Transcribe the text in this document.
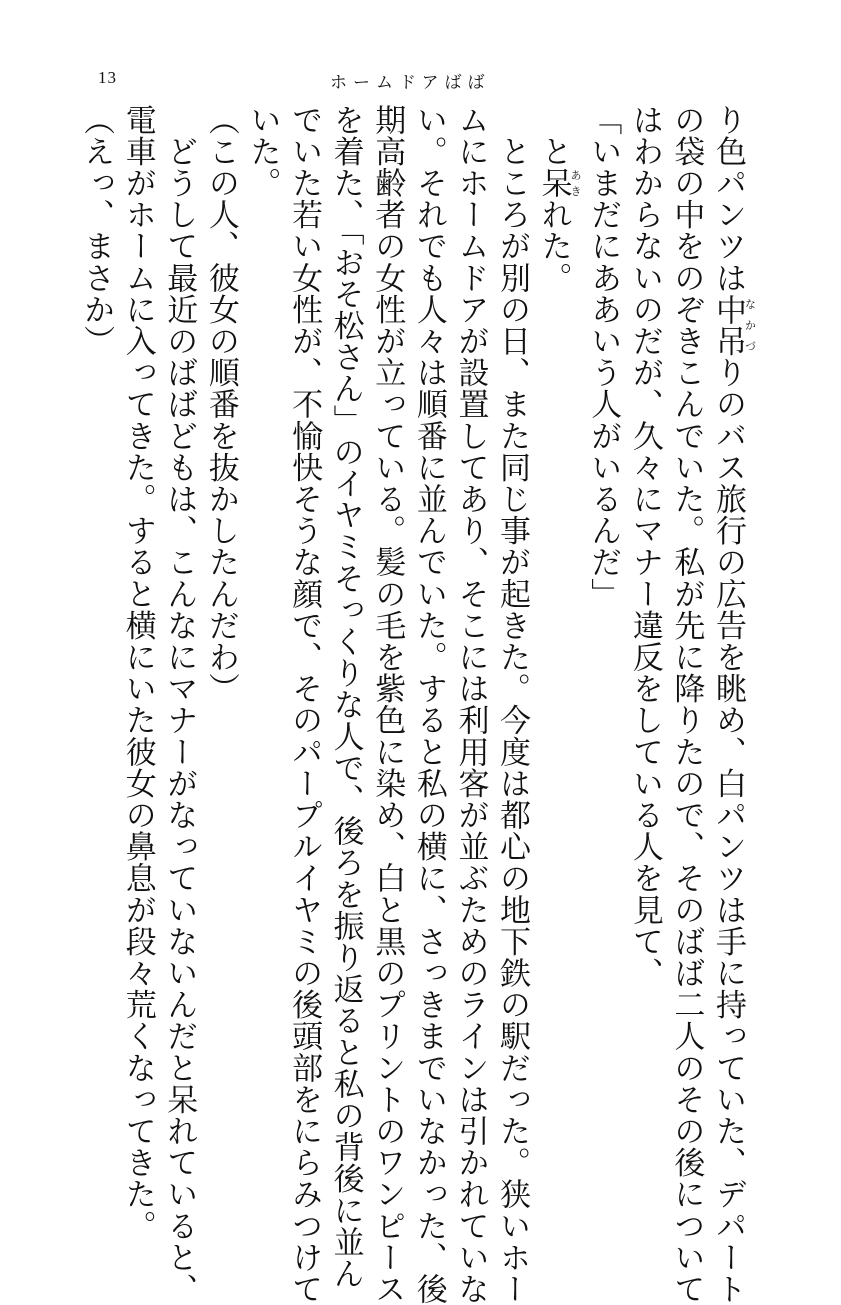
13	ホームドアばば
り色パンツは中吊なかづりのバス旅行の広告を眺め、白パンツは手に持っていた、デパート
の袋の中をのぞきこんでいた。私が先に降りたので、そのばば二人のその後について
はわからないのだが、久々にマナー違反をしている人を見て、
「いまだにああいう人がいるんだ」
　と呆あきれた。
　ところが別の日、また同じ事が起きた。今度は都心の地下鉄の駅だった。狭いホー
ムにホームドアが設置してあり、そこには利用客が並ぶためのラインは引かれていな
い。それでも人々は順番に並んでいた。すると私の横に、さっきまでいなかった、後
期高齢者の女性が立っている。髪の毛を紫色に染め、白と黒のプリントのワンピース
を着た、「おそ松さん」のイヤミそっくりな人で、後ろを振り返ると私の背後に並ん
でいた若い女性が、不愉快そうな顔で、そのパープルイヤミの後頭部をにらみつけて
いた。
（この人、彼女の順番を抜かしたんだわ）
　どうして最近のばばどもは、こんなにマナーがなっていないんだと呆れていると、
電車がホームに入ってきた。すると横にいた彼女の鼻息が段々荒くなってきた。
（えっ、まさか）
